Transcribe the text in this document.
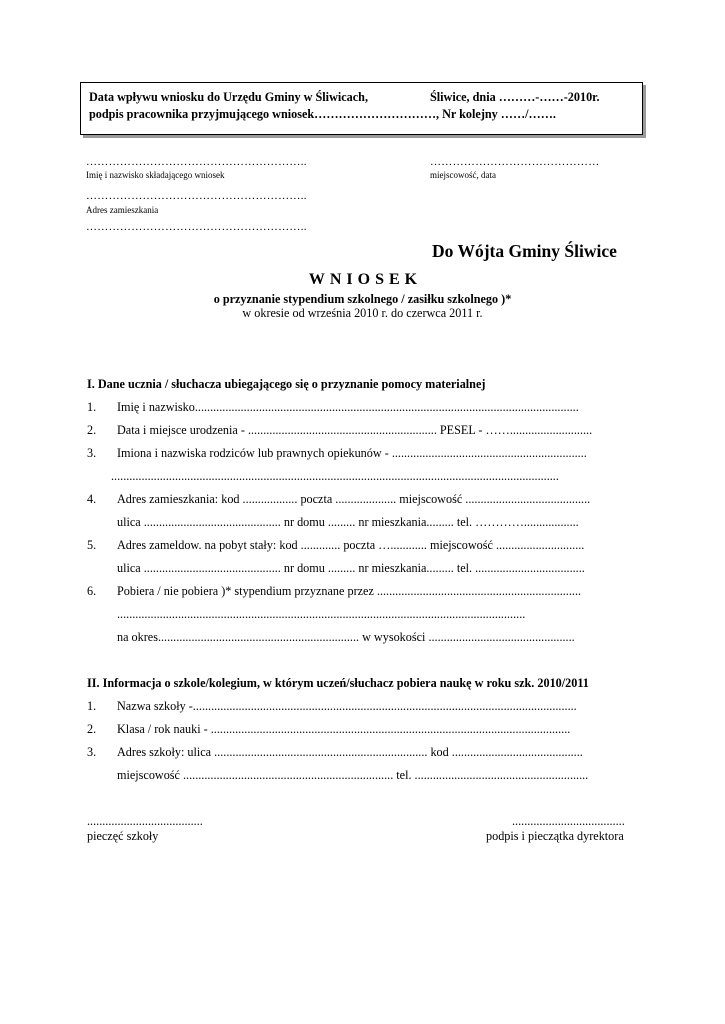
Data wpływu wniosku do Urzędu Gminy w Śliwicach,	Śliwice, dnia ………-……-2010r.
podpis pracownika przyjmującego wniosek…………………………, Nr kolejny ……/…….
…………………………………………………..
Imię i nazwisko składającego wniosek
………………………………………
miejscowość, data
…………………………………………………..
Adres zamieszkania
…………………………………………………..
Do Wójta Gminy Śliwice
WNIOSEK
o przyznanie stypendium szkolnego / zasiłku szkolnego )*
w okresie od września 2010 r. do czerwca 2011 r.
I. Dane ucznia / słuchacza ubiegającego się o przyznanie pomocy materialnej
1. Imię i nazwisko..............................................................................................................................
2. Data i miejsce urodzenia - .............................................................. PESEL - ……...........................
3. Imiona i nazwiska rodziców lub prawnych opiekunów - ................................................................
...................................................................................................................................................
4. Adres zamieszkania: kod .................. poczta .................... miejscowość .........................................
ulica ............................................. nr domu ......... nr mieszkania......... tel. …………..................
5. Adres zameldow. na pobyt stały: kod ............. poczta …............ miejscowość .............................
ulica ............................................. nr domu ......... nr mieszkania......... tel. ....................................
6. Pobiera / nie pobiera )* stypendium przyznane przez ...................................................................
......................................................................................................................................
na okres.................................................................. w wysokości ................................................
II. Informacja o szkole/kolegium, w którym uczeń/słuchacz pobiera naukę w roku szk. 2010/2011
1. Nazwa szkoły -..............................................................................................................................
2. Klasa / rok nauki - ......................................................................................................................
3. Adres szkoły: ulica ...................................................................... kod ...........................................
miejscowość ..................................................................... tel. .........................................................
......................................
pieczęć szkoły
.....................................
podpis i pieczątka dyrektora
